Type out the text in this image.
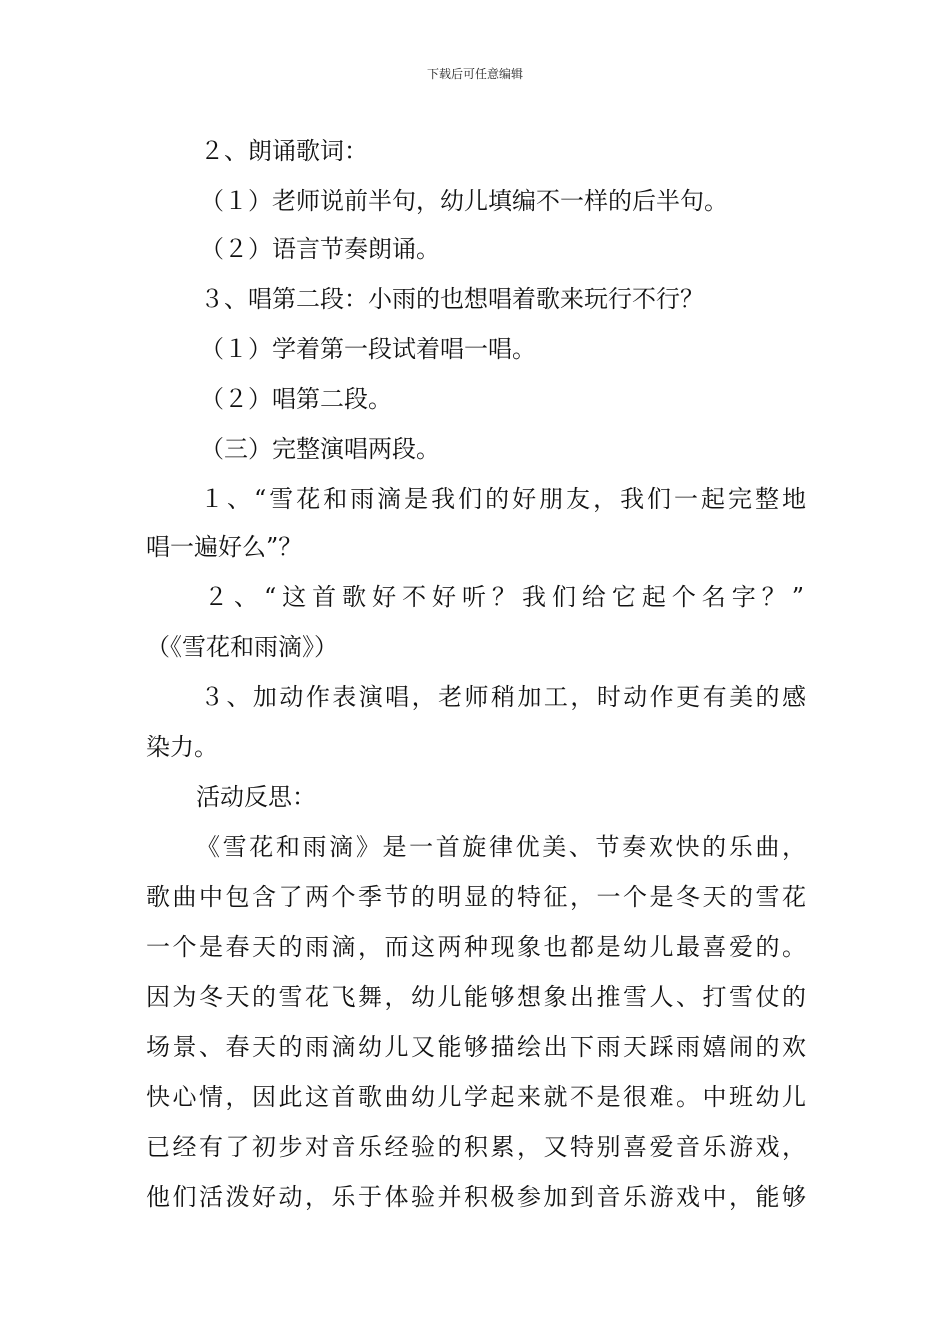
下载后可任意编辑
２、朗诵歌词：
（１）老师说前半句，幼儿填编不一样的后半句。
（２）语言节奏朗诵。
３、唱第二段：小雨的也想唱着歌来玩行不行？
（１）学着第一段试着唱一唱。
（２）唱第二段。
（三）完整演唱两段。
１、“雪花和雨滴是我们的好朋友，我们一起完整地
唱一遍好么”？
２、“这首歌好不好听？我们给它起个名字？”
（《雪花和雨滴》）
３、加动作表演唱，老师稍加工，时动作更有美的感
染力。
活动反思：
《雪花和雨滴》是一首旋律优美、节奏欢快的乐曲，
歌曲中包含了两个季节的明显的特征，一个是冬天的雪花
一个是春天的雨滴，而这两种现象也都是幼儿最喜爱的。
因为冬天的雪花飞舞，幼儿能够想象出推雪人、打雪仗的
场景、春天的雨滴幼儿又能够描绘出下雨天踩雨嬉闹的欢
快心情，因此这首歌曲幼儿学起来就不是很难。中班幼儿
已经有了初步对音乐经验的积累，又特别喜爱音乐游戏，
他们活泼好动，乐于体验并积极参加到音乐游戏中，能够
